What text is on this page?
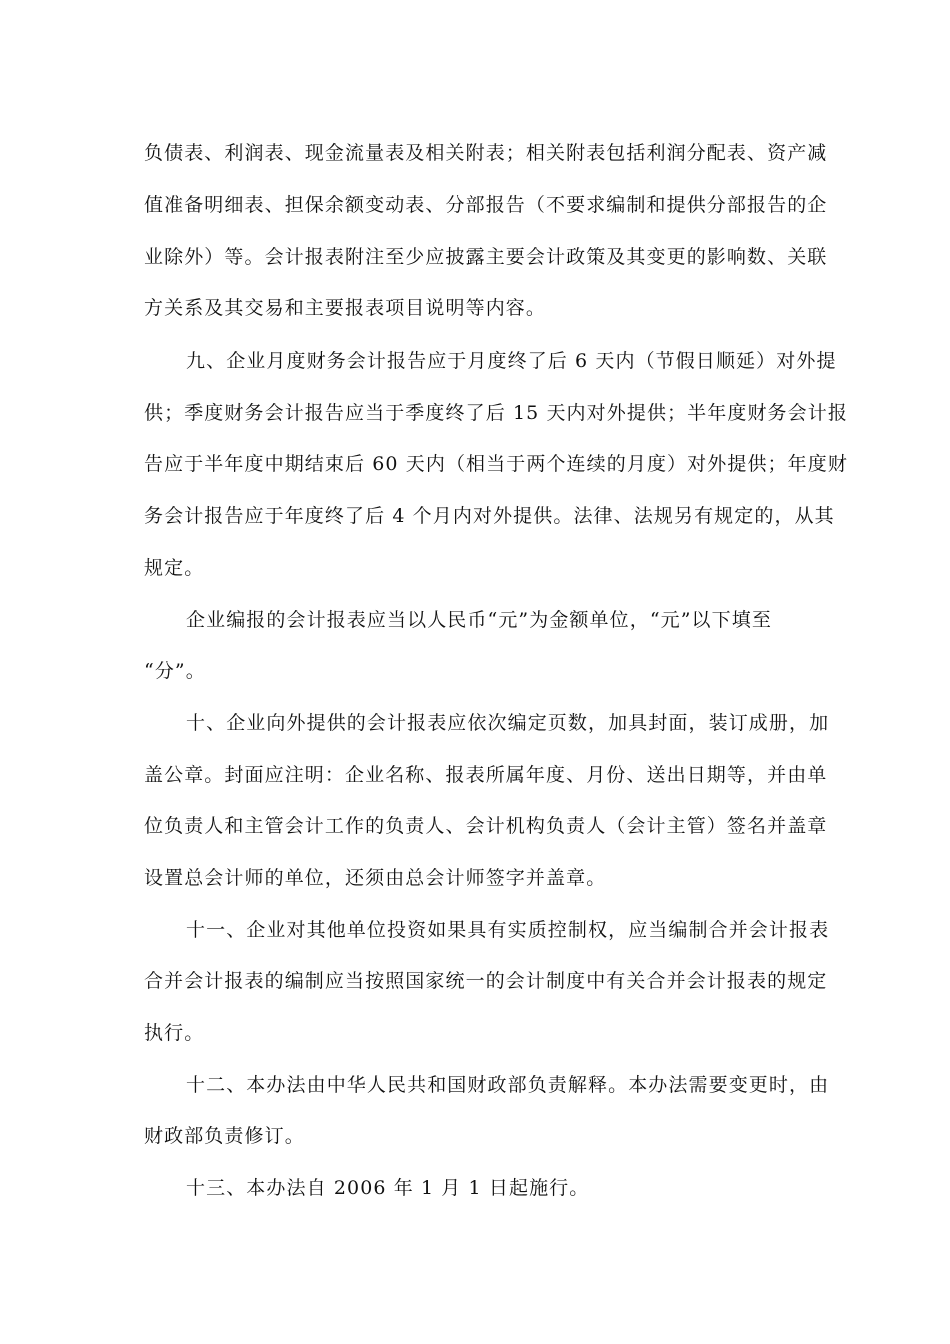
负债表、利润表、现金流量表及相关附表；相关附表包括利润分配表、资产减
值准备明细表、担保余额变动表、分部报告（不要求编制和提供分部报告的企
业除外）等。会计报表附注至少应披露主要会计政策及其变更的影响数、关联
方关系及其交易和主要报表项目说明等内容。
九、企业月度财务会计报告应于月度终了后 6 天内（节假日顺延）对外提
供；季度财务会计报告应当于季度终了后 15 天内对外提供；半年度财务会计报
告应于半年度中期结束后 60 天内（相当于两个连续的月度）对外提供；年度财
务会计报告应于年度终了后 4 个月内对外提供。法律、法规另有规定的，从其
规定。
企业编报的会计报表应当以人民币“元”为金额单位，“元”以下填至
“分”。
十、企业向外提供的会计报表应依次编定页数，加具封面，装订成册，加
盖公章。封面应注明：企业名称、报表所属年度、月份、送出日期等，并由单
位负责人和主管会计工作的负责人、会计机构负责人（会计主管）签名并盖章
设置总会计师的单位，还须由总会计师签字并盖章。
十一、企业对其他单位投资如果具有实质控制权，应当编制合并会计报表
合并会计报表的编制应当按照国家统一的会计制度中有关合并会计报表的规定
执行。
十二、本办法由中华人民共和国财政部负责解释。本办法需要变更时，由
财政部负责修订。
十三、本办法自 2006 年 1 月 1 日起施行。
